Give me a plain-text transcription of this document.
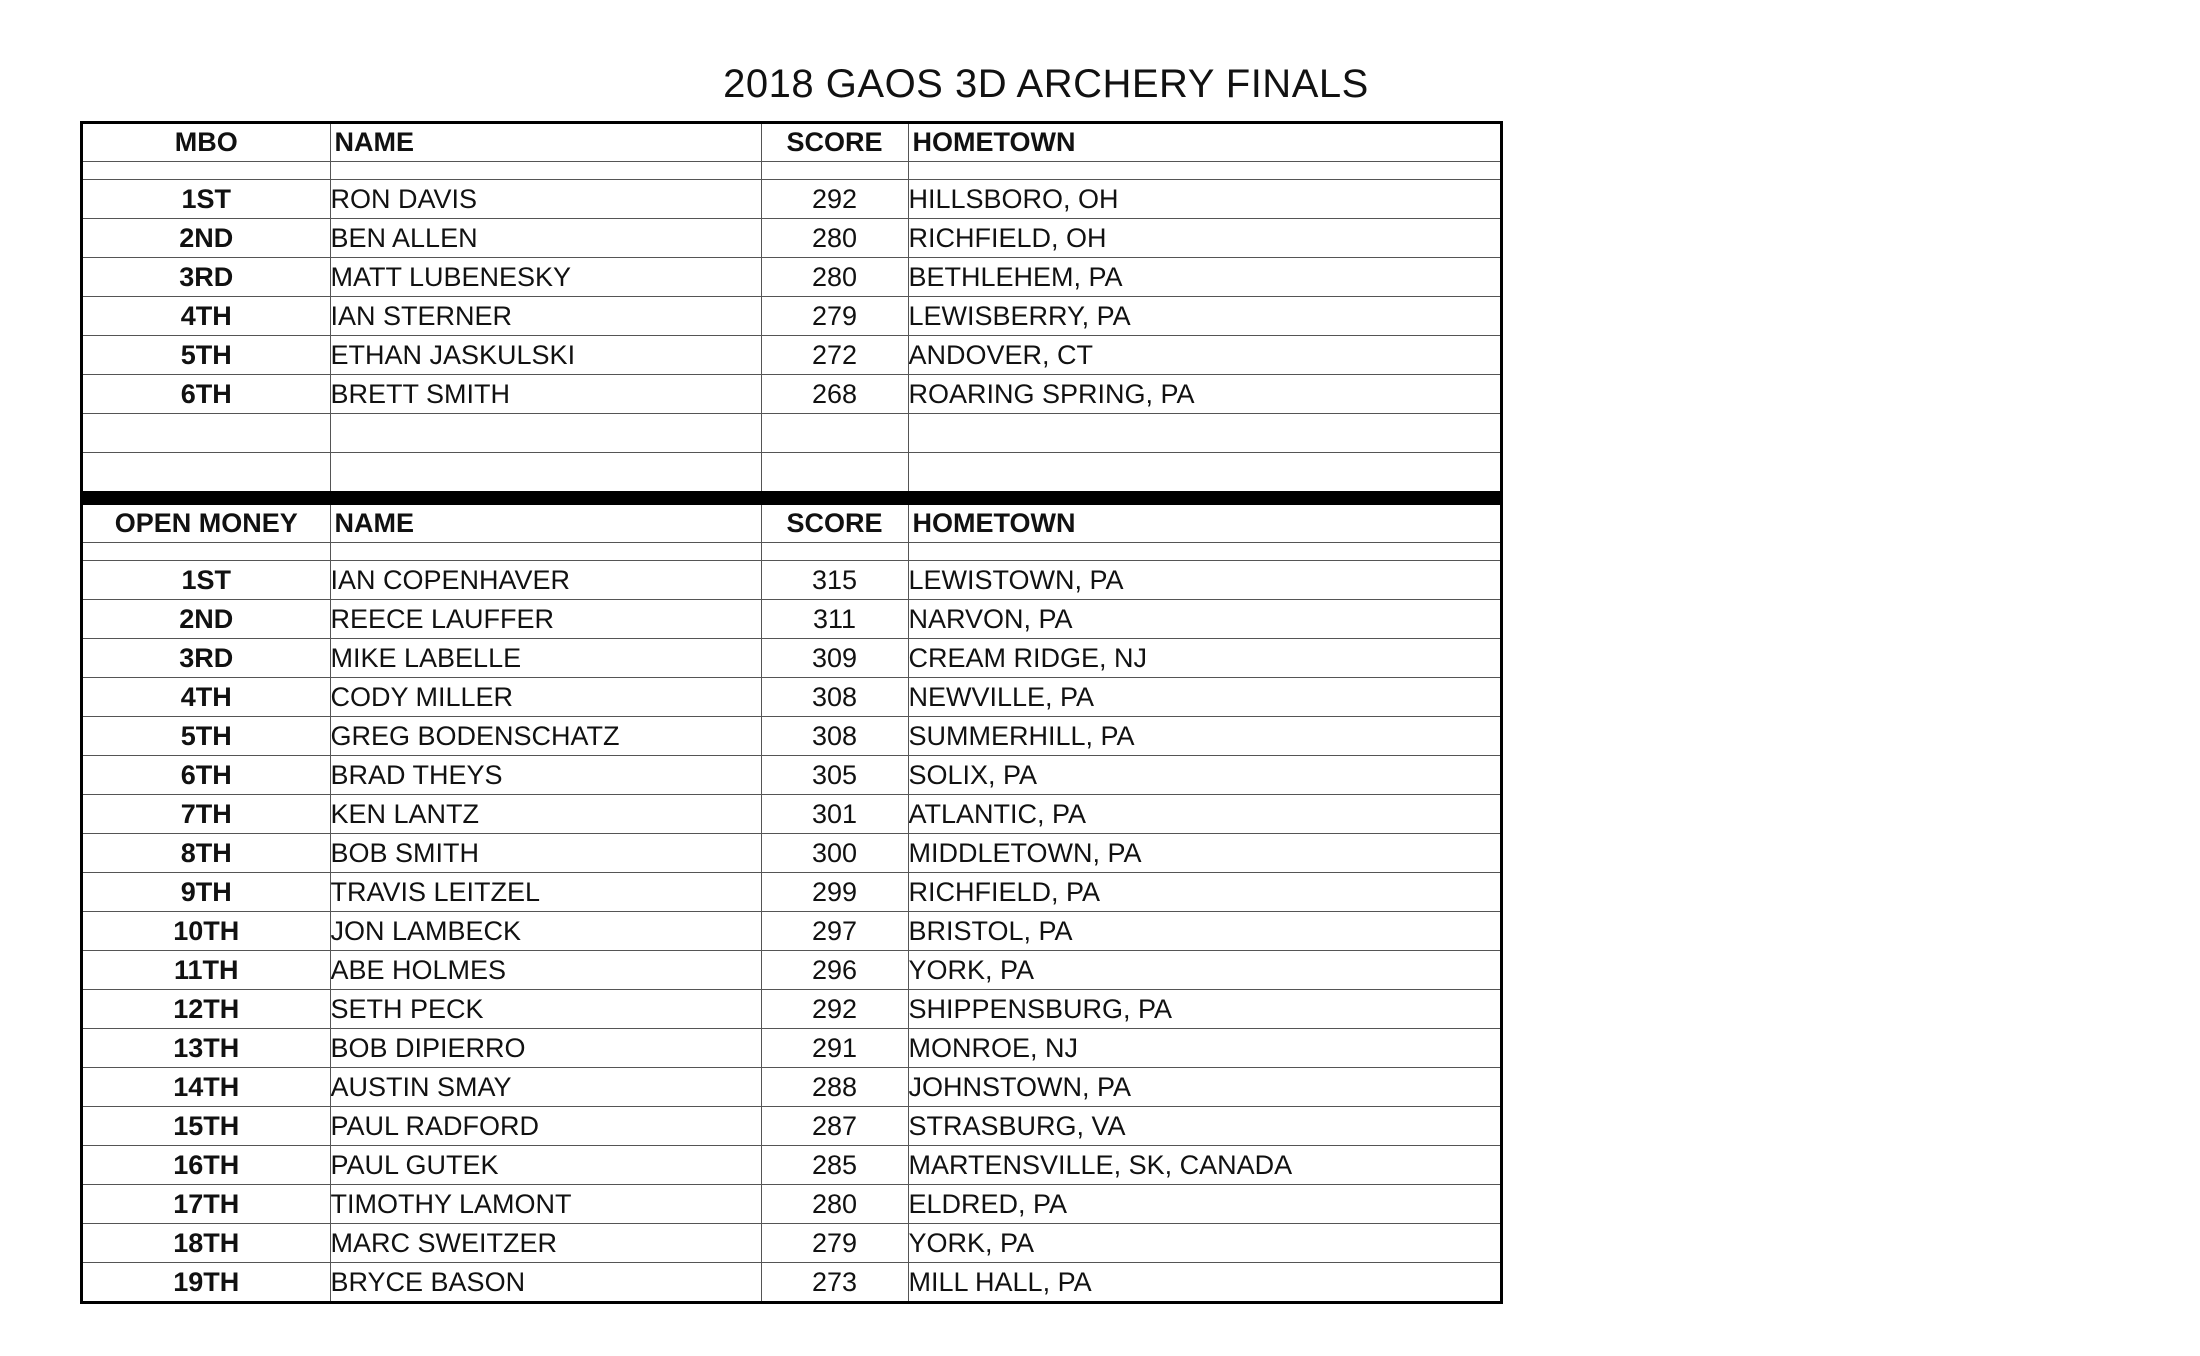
2018 GAOS 3D ARCHERY FINALS
MBO	NAME	SCORE	HOMETOWN

1ST	RON DAVIS	292	HILLSBORO, OH
2ND	BEN ALLEN	280	RICHFIELD, OH
3RD	MATT LUBENESKY	280	BETHLEHEM, PA
4TH	IAN STERNER	279	LEWISBERRY, PA
5TH	ETHAN JASKULSKI	272	ANDOVER, CT
6TH	BRETT SMITH	268	ROARING SPRING, PA

OPEN MONEY	NAME	SCORE	HOMETOWN

1ST	IAN COPENHAVER	315	LEWISTOWN, PA
2ND	REECE LAUFFER	311	NARVON, PA
3RD	MIKE LABELLE	309	CREAM RIDGE, NJ
4TH	CODY MILLER	308	NEWVILLE, PA
5TH	GREG BODENSCHATZ	308	SUMMERHILL, PA
6TH	BRAD THEYS	305	SOLIX, PA
7TH	KEN LANTZ	301	ATLANTIC, PA
8TH	BOB SMITH	300	MIDDLETOWN, PA
9TH	TRAVIS LEITZEL	299	RICHFIELD, PA
10TH	JON LAMBECK	297	BRISTOL, PA
11TH	ABE HOLMES	296	YORK, PA
12TH	SETH PECK	292	SHIPPENSBURG, PA
13TH	BOB DIPIERRO	291	MONROE, NJ
14TH	AUSTIN SMAY	288	JOHNSTOWN, PA
15TH	PAUL RADFORD	287	STRASBURG, VA
16TH	PAUL GUTEK	285	MARTENSVILLE, SK, CANADA
17TH	TIMOTHY LAMONT	280	ELDRED, PA
18TH	MARC SWEITZER	279	YORK, PA
19TH	BRYCE BASON	273	MILL HALL, PA
